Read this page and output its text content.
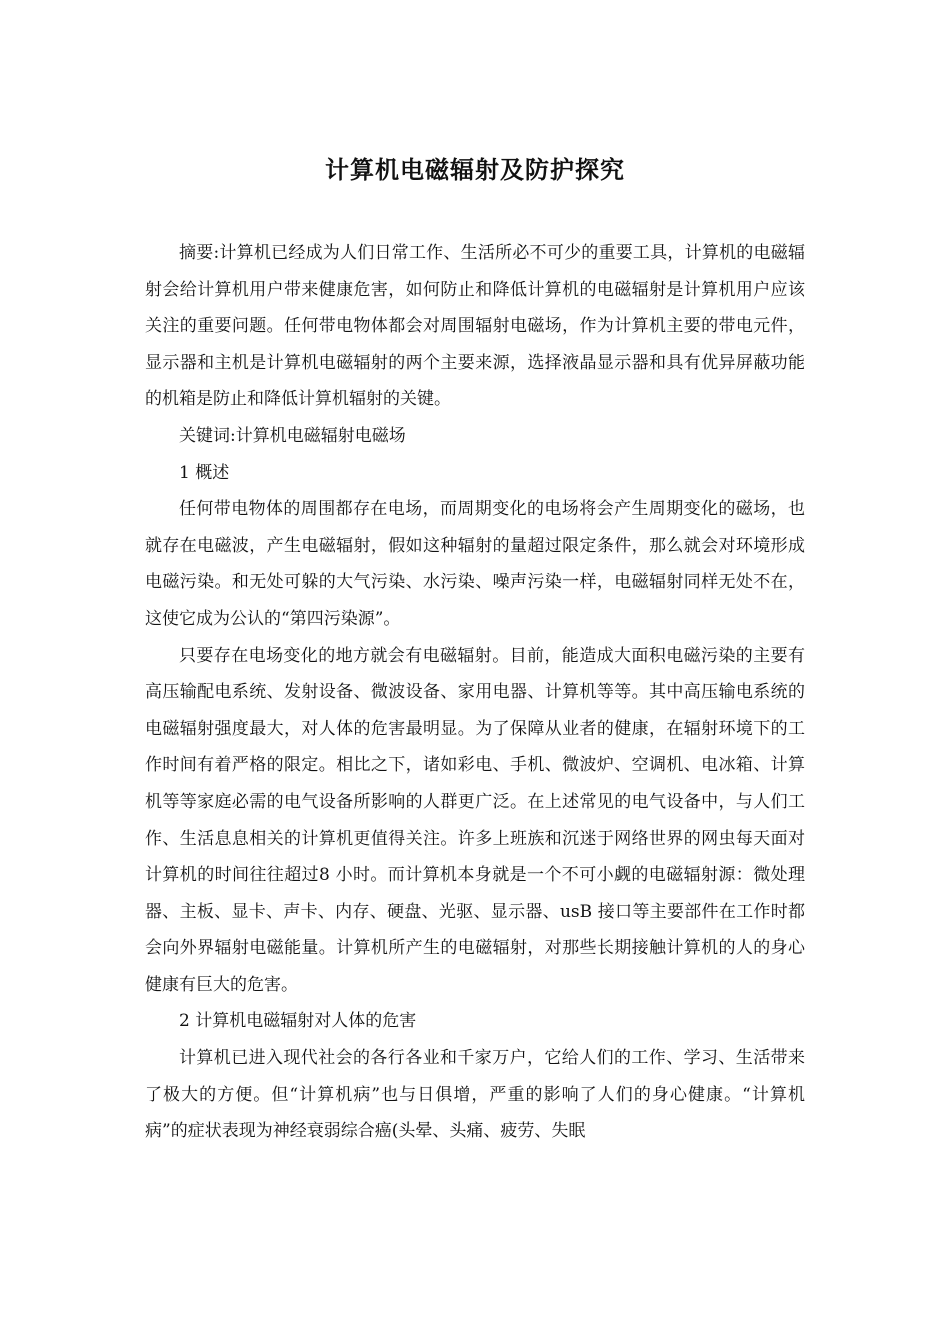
计算机电磁辐射及防护探究

摘要:计算机已经成为人们日常工作、生活所必不可少的重要工具，计算机的电磁辐射会给计算机用户带来健康危害，如何防止和降低计算机的电磁辐射是计算机用户应该关注的重要问题。任何带电物体都会对周围辐射电磁场，作为计算机主要的带电元件，显示器和主机是计算机电磁辐射的两个主要来源，选择液晶显示器和具有优异屏蔽功能的机箱是防止和降低计算机辐射的关键。

关键词:计算机电磁辐射电磁场

1 概述

任何带电物体的周围都存在电场，而周期变化的电场将会产生周期变化的磁场，也就存在电磁波，产生电磁辐射，假如这种辐射的量超过限定条件，那么就会对环境形成电磁污染。和无处可躲的大气污染、水污染、噪声污染一样，电磁辐射同样无处不在，这使它成为公认的“第四污染源”。

只要存在电场变化的地方就会有电磁辐射。目前，能造成大面积电磁污染的主要有高压输配电系统、发射设备、微波设备、家用电器、计算机等等。其中高压输电系统的电磁辐射强度最大，对人体的危害最明显。为了保障从业者的健康，在辐射环境下的工作时间有着严格的限定。相比之下，诸如彩电、手机、微波炉、空调机、电冰箱、计算机等等家庭必需的电气设备所影响的人群更广泛。在上述常见的电气设备中，与人们工作、生活息息相关的计算机更值得关注。许多上班族和沉迷于网络世界的网虫每天面对计算机的时间往往超过8 小时。而计算机本身就是一个不可小觑的电磁辐射源：微处理器、主板、显卡、声卡、内存、硬盘、光驱、显示器、usB 接口等主要部件在工作时都会向外界辐射电磁能量。计算机所产生的电磁辐射，对那些长期接触计算机的人的身心健康有巨大的危害。

2 计算机电磁辐射对人体的危害

计算机已进入现代社会的各行各业和千家万户，它给人们的工作、学习、生活带来了极大的方便。但“计算机病”也与日俱增，严重的影响了人们的身心健康。“计算机病”的症状表现为神经衰弱综合癌(头晕、头痛、疲劳、失眠
